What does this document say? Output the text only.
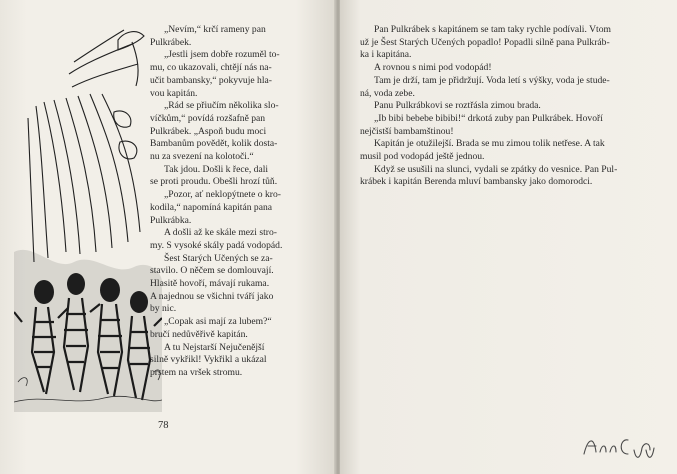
„Nevím,“ krčí rameny pan
Pulkrábek.
„Jestli jsem dobře rozuměl to-
mu, co ukazovali, chtějí nás na-
učit bambansky,“ pokyvuje hla-
vou kapitán.
„Rád se přiučím několika slo-
víčkům,“ povídá rozšafně pan
Pulkrábek. „Aspoň budu moci
Bambanům povědět, kolik dosta-
nu za svezení na kolotoči.“
Tak jdou. Došli k řece, dali
se proti proudu. Obešli hrozí tůň.
„Pozor, ať neklopýtnete o kro-
kodila,“ napomíná kapitán pana
Pulkrábka.
A došli až ke skále mezi stro-
my. S vysoké skály padá vodopád.
Šest Starých Učených se za-
stavilo. O něčem se domlouvají.
Hlasitě hovoří, mávají rukama.
A najednou se všichni tváří jako
by nic.
„Copak asi mají za lubem?“
bručí nedůvěřivě kapitán.
A tu Nejstarší Nejučenější
silně vykřikl! Vykřikl a ukázal
prstem na vršek stromu.
78
Pan Pulkrábek s kapitánem se tam taky rychle podívali. Vtom
už je Šest Starých Učených popadlo! Popadli silně pana Pulkráb-
ka i kapitána.
A rovnou s nimi pod vodopád!
Tam je drží, tam je přidržují. Voda letí s výšky, voda je stude-
ná, voda zebe.
Panu Pulkrábkovi se roztřásla zimou brada.
„Ib bibi bebebe bibibi!“ drkotá zuby pan Pulkrábek. Hovoří
nejčistší bambamštinou!
Kapitán je otužilejší. Brada se mu zimou tolik netřese. A tak
musil pod vodopád ještě jednou.
Když se usušili na slunci, vydali se zpátky do vesnice. Pan Pul-
krábek i kapitán Berenda mluví bambansky jako domorodci.
